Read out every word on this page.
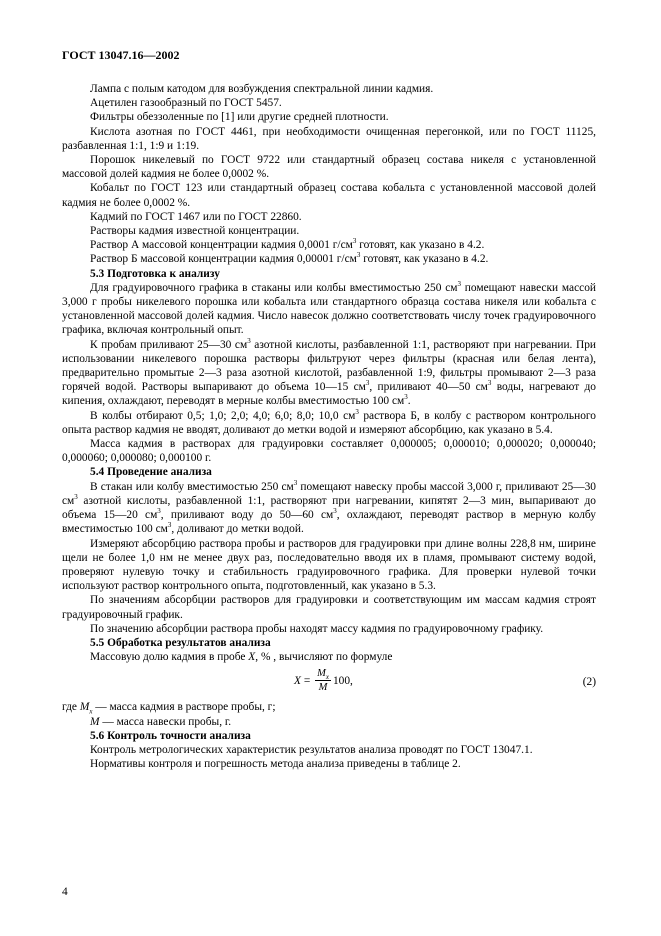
ГОСТ 13047.16—2002

Лампа с полым катодом для возбуждения спектральной линии кадмия.

Ацетилен газообразный по ГОСТ 5457.

Фильтры обеззоленные по [1] или другие средней плотности.

Кислота азотная по ГОСТ 4461, при необходимости очищенная перегонкой, или по ГОСТ 11125, разбавленная 1:1, 1:9 и 1:19.

Порошок никелевый по ГОСТ 9722 или стандартный образец состава никеля с установленной массовой долей кадмия не более 0,0002 %.

Кобальт по ГОСТ 123 или стандартный образец состава кобальта с установленной массовой долей кадмия не более 0,0002 %.

Кадмий по ГОСТ 1467 или по ГОСТ 22860.

Растворы кадмия известной концентрации.

Раствор А массовой концентрации кадмия 0,0001 $г/см^3$ готовят, как указано в 4.2.

Раствор Б массовой концентрации кадмия 0,00001 $г/см^3$ готовят, как указано в 4.2.

5.3 Подготовка к анализу

Для градуировочного графика в стаканы или колбы вместимостью 250 $см^3$ помещают навески массой 3,000 г пробы никелевого порошка или кобальта или стандартного образца состава никеля или кобальта с установленной массовой долей кадмия. Число навесок должно соответствовать числу точек градуировочного графика, включая контрольный опыт.

К пробам приливают 25—30 $см^3$ азотной кислоты, разбавленной 1:1, растворяют при нагревании. При использовании никелевого порошка растворы фильтруют через фильтры (красная или белая лента), предварительно промытые 2—3 раза азотной кислотой, разбавленной 1:9, фильтры промывают 2—3 раза горячей водой. Растворы выпаривают до объема 10—15 $см^3$, приливают 40—50 $см^3$ воды, нагревают до кипения, охлаждают, переводят в мерные колбы вместимостью 100 $см^3$.

В колбы отбирают 0,5; 1,0; 2,0; 4,0; 6,0; 8,0; 10,0 $см^3$ раствора Б, в колбу с раствором контрольного опыта раствор кадмия не вводят, доливают до метки водой и измеряют абсорбцию, как указано в 5.4.

Масса кадмия в растворах для градуировки составляет 0,000005; 0,000010; 0,000020; 0,000040; 0,000060; 0,000080; 0,000100 г.

5.4 Проведение анализа

В стакан или колбу вместимостью 250 $см^3$ помещают навеску пробы массой 3,000 г, приливают 25—30 $см^3$ азотной кислоты, разбавленной 1:1, растворяют при нагревании, кипятят 2—3 мин, выпаривают до объема 15—20 $см^3$, приливают воду до 50—60 $см^3$, охлаждают, переводят раствор в мерную колбу вместимостью 100 $см^3$, доливают до метки водой.

Измеряют абсорбцию раствора пробы и растворов для градуировки при длине волны 228,8 нм, ширине щели не более 1,0 нм не менее двух раз, последовательно вводя их в пламя, промывают систему водой, проверяют нулевую точку и стабильность градуировочного графика. Для проверки нулевой точки используют раствор контрольного опыта, подготовленный, как указано в 5.3.

По значениям абсорбции растворов для градуировки и соответствующим им массам кадмия строят градуировочный график.

По значению абсорбции раствора пробы находят массу кадмия по градуировочному графику.

5.5 Обработка результатов анализа

Массовую долю кадмия в пробе X, % , вычисляют по формуле

$X = \frac{M_x}{M} 100$,	(2)

где $M_x$ — масса кадмия в растворе пробы, г;

M — масса навески пробы, г.

5.6 Контроль точности анализа

Контроль метрологических характеристик результатов анализа проводят по ГОСТ 13047.1.

Нормативы контроля и погрешность метода анализа приведены в таблице 2.

4
